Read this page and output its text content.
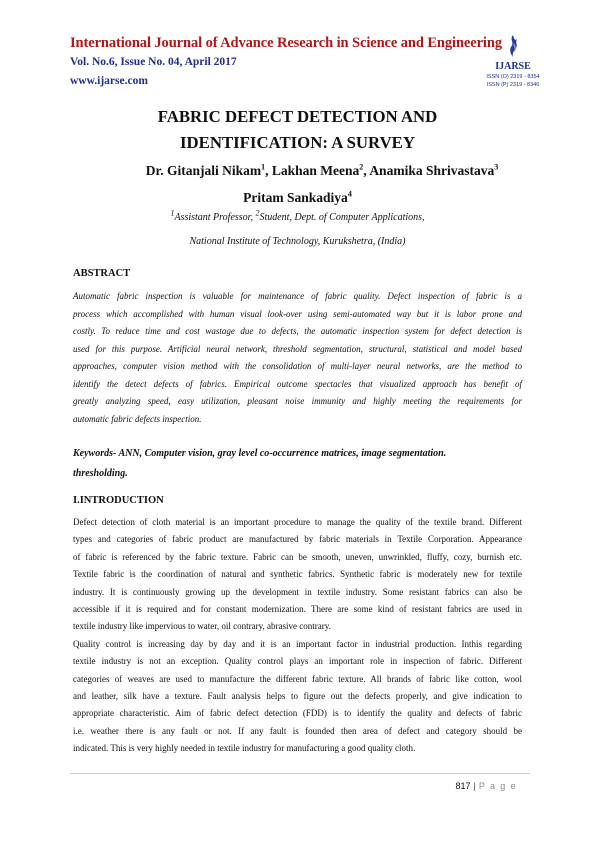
International Journal of Advance Research in Science and Engineering
Vol. No.6, Issue No. 04, April 2017
www.ijarse.com
IJARSE
ISSN (O) 2319 - 8354
ISSN (P) 2319 - 8346
FABRIC DEFECT DETECTION AND
IDENTIFICATION: A SURVEY
Dr. Gitanjali Nikam$^1$, Lakhan Meena$^2$, Anamika Shrivastava$^3$
Pritam Sankadiya$^4$
$^1$Assistant Professor, $^2$Student, Dept. of Computer Applications,
National Institute of Technology, Kurukshetra, (India)
ABSTRACT
Automatic fabric inspection is valuable for maintenance of fabric quality. Defect inspection of fabric is a
process which accomplished with human visual look-over using semi-automated way but it is labor prone and
costly. To reduce time and cost wastage due to defects, the automatic inspection system for defect detection is
used for this purpose. Artificial neural network, threshold segmentation, structural, statistical and model based
approaches, computer vision method with the consolidation of multi-layer neural networks, are the method to
identify the detect defects of fabrics. Empirical outcome spectacles that visualized approach has benefit of
greatly analyzing speed, easy utilization, pleasant noise immunity and highly meeting the requirements for
automatic fabric defects inspection.
Keywords- ANN, Computer vision, gray level co-occurrence matrices, image segmentation.
thresholding.
I.INTRODUCTION
Defect detection of cloth material is an important procedure to manage the quality of the textile brand. Different
types and categories of fabric product are manufactured by fabric materials in Textile Corporation. Appearance
of fabric is referenced by the fabric texture. Fabric can be smooth, uneven, unwrinkled, fluffy, cozy, burnish etc.
Textile fabric is the coordination of natural and synthetic fabrics. Synthetic fabric is moderately new for textile
industry. It is continuously growing up the development in textile industry. Some resistant fabrics can also be
accessible if it is required and for constant modernization. There are some kind of resistant fabrics are used in
textile industry like impervious to water, oil contrary, abrasive contrary.
Quality control is increasing day by day and it is an important factor in industrial production. Inthis regarding
textile industry is not an exception. Quality control plays an important role in inspection of fabric. Different
categories of weaves are used to manufacture the different fabric texture. All brands of fabric like cotton, wool
and leather, silk have a texture. Fault analysis helps to figure out the defects properly, and give indication to
appropriate characteristic. Aim of fabric defect detection (FDD) is to identify the quality and defects of fabric
i.e. weather there is any fault or not. If any fault is founded then area of defect and category should be
indicated. This is very highly needed in textile industry for manufacturing a good quality cloth.
817 | P a g e
